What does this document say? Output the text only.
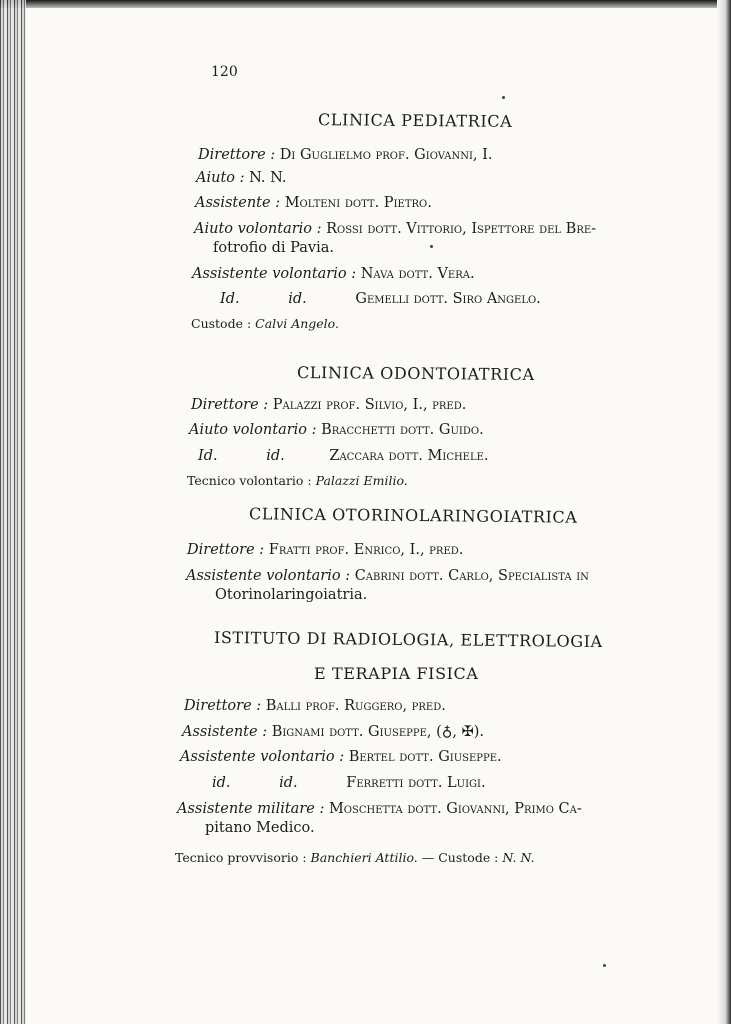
120
CLINICA PEDIATRICA
Direttore : Di Guglielmo prof. Giovanni, I.
Aiuto : N. N.
Assistente : Molteni dott. Pietro.
Aiuto volontario : Rossi dott. Vittorio, Ispettore del Bre-
fotrofio di Pavia.
Assistente volontario : Nava dott. Vera.
Id.	id.	Gemelli dott. Siro Angelo.
Custode : Calvi Angelo.
CLINICA ODONTOIATRICA
Direttore : Palazzi prof. Silvio, I., pred.
Aiuto volontario : Bracchetti dott. Guido.
Id.	id.	Zaccara dott. Michele.
Tecnico volontario : Palazzi Emilio.
CLINICA OTORINOLARINGOIATRICA
Direttore : Fratti prof. Enrico, I., pred.
Assistente volontario : Cabrini dott. Carlo, Specialista in
Otorinolaringoiatria.
ISTITUTO DI RADIOLOGIA, ELETTROLOGIA
E TERAPIA FISICA
Direttore : Balli prof. Ruggero, pred.
Assistente : Bignami dott. Giuseppe, (♁, ✠).
Assistente volontario : Bertel dott. Giuseppe.
id.	id.	Ferretti dott. Luigi.
Assistente militare : Moschetta dott. Giovanni, Primo Ca-
pitano Medico.
Tecnico provvisorio : Banchieri Attilio. — Custode : N. N.
